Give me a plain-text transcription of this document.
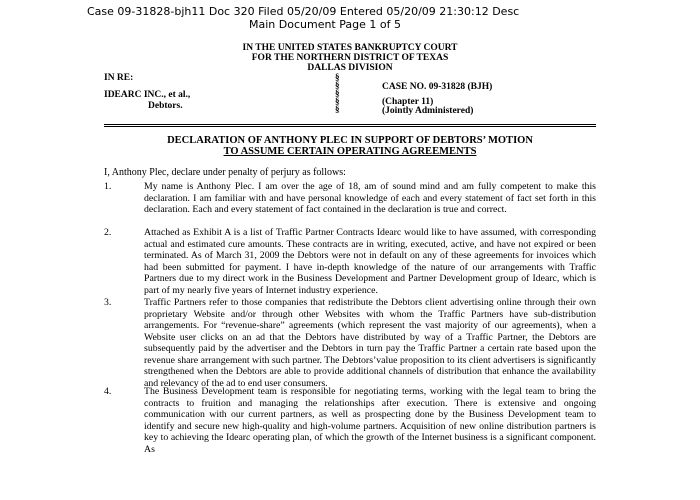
Case 09-31828-bjh11 Doc 320 Filed 05/20/09 Entered 05/20/09 21:30:12 Desc
Main Document Page 1 of 5
IN THE UNITED STATES BANKRUPTCY COURT
FOR THE NORTHERN DISTRICT OF TEXAS
DALLAS DIVISION
IN RE:
IDEARC INC., et al.,
Debtors.
§
§
§
§
§
CASE NO. 09-31828 (BJH)
(Chapter 11)
(Jointly Administered)
DECLARATION OF ANTHONY PLEC IN SUPPORT OF DEBTORS’ MOTION
TO ASSUME CERTAIN OPERATING AGREEMENTS
I, Anthony Plec, declare under penalty of perjury as follows:
1.	My name is Anthony Plec. I am over the age of 18, am of sound mind and am fully competent to make this declaration. I am familiar with and have personal knowledge of each and every statement of fact set forth in this declaration. Each and every statement of fact contained in the declaration is true and correct.
2.	Attached as Exhibit A is a list of Traffic Partner Contracts Idearc would like to have assumed, with corresponding actual and estimated cure amounts. These contracts are in writing, executed, active, and have not expired or been terminated. As of March 31, 2009 the Debtors were not in default on any of these agreements for invoices which had been submitted for payment. I have in-depth knowledge of the nature of our arrangements with Traffic Partners due to my direct work in the Business Development and Partner Development group of Idearc, which is part of my nearly five years of Internet industry experience.
3.	Traffic Partners refer to those companies that redistribute the Debtors client advertising online through their own proprietary Website and/or through other Websites with whom the Traffic Partners have sub-distribution arrangements. For “revenue-share” agreements (which represent the vast majority of our agreements), when a Website user clicks on an ad that the Debtors have distributed by way of a Traffic Partner, the Debtors are subsequently paid by the advertiser and the Debtors in turn pay the Traffic Partner a certain rate based upon the revenue share arrangement with such partner. The Debtors’value proposition to its client advertisers is significantly strengthened when the Debtors are able to provide additional channels of distribution that enhance the availability and relevancy of the ad to end user consumers.
4.	The Business Development team is responsible for negotiating terms, working with the legal team to bring the contracts to fruition and managing the relationships after execution. There is extensive and ongoing communication with our current partners, as well as prospecting done by the Business Development team to identify and secure new high-quality and high-volume partners. Acquisition of new online distribution partners is key to achieving the Idearc operating plan, of which the growth of the Internet business is a significant component. As
